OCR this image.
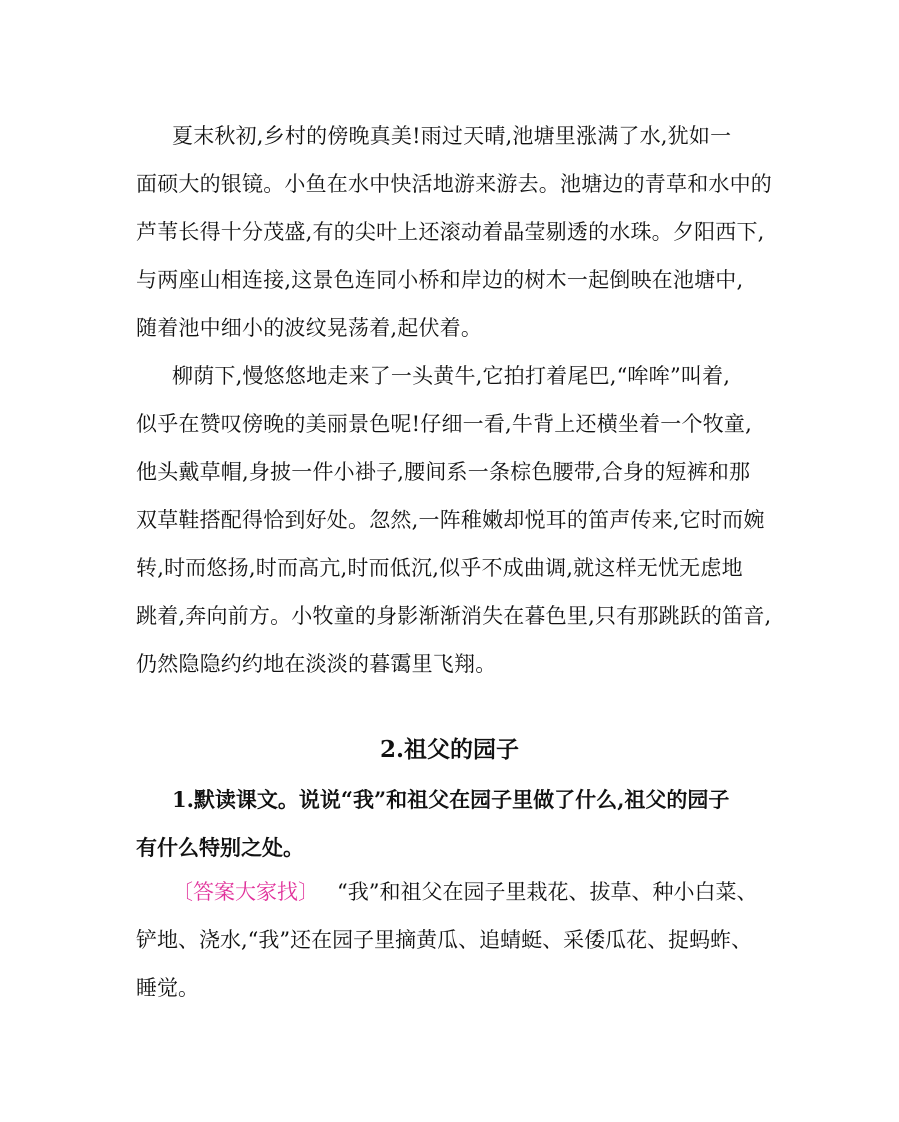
夏末秋初,乡村的傍晚真美!雨过天晴,池塘里涨满了水,犹如一
面硕大的银镜。小鱼在水中快活地游来游去。池塘边的青草和水中的
芦苇长得十分茂盛,有的尖叶上还滚动着晶莹剔透的水珠。夕阳西下,
与两座山相连接,这景色连同小桥和岸边的树木一起倒映在池塘中,
随着池中细小的波纹晃荡着,起伏着。

柳荫下,慢悠悠地走来了一头黄牛,它拍打着尾巴,“哞哞”叫着,
似乎在赞叹傍晚的美丽景色呢!仔细一看,牛背上还横坐着一个牧童,
他头戴草帽,身披一件小褂子,腰间系一条棕色腰带,合身的短裤和那
双草鞋搭配得恰到好处。忽然,一阵稚嫩却悦耳的笛声传来,它时而婉
转,时而悠扬,时而高亢,时而低沉,似乎不成曲调,就这样无忧无虑地
跳着,奔向前方。小牧童的身影渐渐消失在暮色里,只有那跳跃的笛音,
仍然隐隐约约地在淡淡的暮霭里飞翔。

2.祖父的园子

1.默读课文。说说“我”和祖父在园子里做了什么,祖父的园子
有什么特别之处。

〔答案大家找〕 “我”和祖父在园子里栽花、拔草、种小白菜、
铲地、浇水,“我”还在园子里摘黄瓜、追蜻蜓、采倭瓜花、捉蚂蚱、
睡觉。
